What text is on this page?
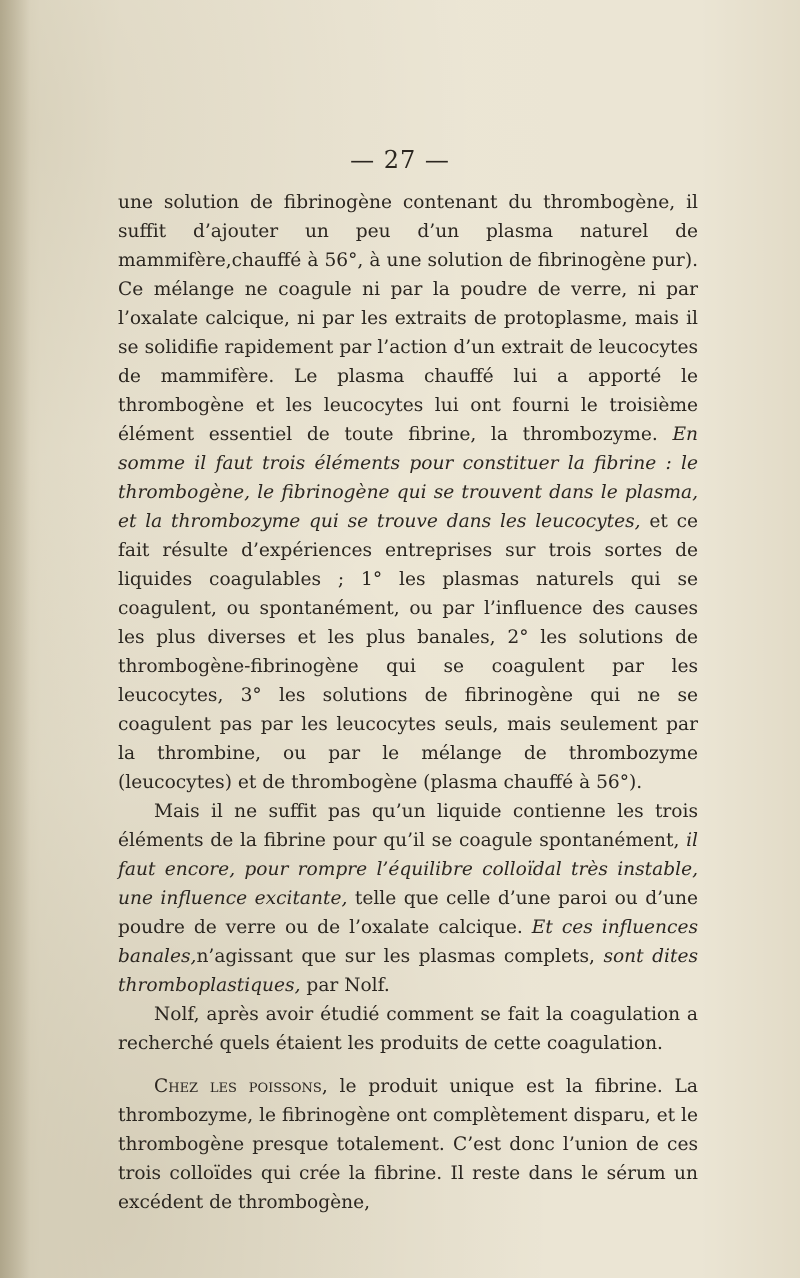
— 27 —

une solution de fibrinogène contenant du thrombogène, il suffit d’ajouter un peu d’un plasma naturel de mammifère,chauffé à 56°, à une solution de fibrinogène pur). Ce mélange ne coagule ni par la poudre de verre, ni par l’oxalate calcique, ni par les extraits de protoplasme, mais il se solidifie rapidement par l’action d’un extrait de leucocytes de mammifère. Le plasma chauffé lui a apporté le thrombogène et les leucocytes lui ont fourni le troisième élément essentiel de toute fibrine, la thrombozyme. En somme il faut trois éléments pour constituer la fibrine : le thrombogène, le fibrinogène qui se trouvent dans le plasma, et la thrombozyme qui se trouve dans les leucocytes, et ce fait résulte d’expériences entreprises sur trois sortes de liquides coagulables ; 1° les plasmas naturels qui se coagulent, ou spontanément, ou par l’influence des causes les plus diverses et les plus banales, 2° les solutions de thrombogène-fibrinogène qui se coagulent par les leucocytes, 3° les solutions de fibrinogène qui ne se coagulent pas par les leucocytes seuls, mais seulement par la thrombine, ou par le mélange de thrombozyme (leucocytes) et de thrombogène (plasma chauffé à 56°).

Mais il ne suffit pas qu’un liquide contienne les trois éléments de la fibrine pour qu’il se coagule spontanément, il faut encore, pour rompre l’équilibre colloïdal très instable, une influence excitante, telle que celle d’une paroi ou d’une poudre de verre ou de l’oxalate calcique. Et ces influences banales,n’agissant que sur les plasmas complets, sont dites thromboplastiques, par Nolf.

Nolf, après avoir étudié comment se fait la coagulation a recherché quels étaient les produits de cette coagulation.

Chez les poissons, le produit unique est la fibrine. La thrombozyme, le fibrinogène ont complètement disparu, et le thrombogène presque totalement. C’est donc l’union de ces trois colloïdes qui crée la fibrine. Il reste dans le sérum un excédent de thrombogène,
